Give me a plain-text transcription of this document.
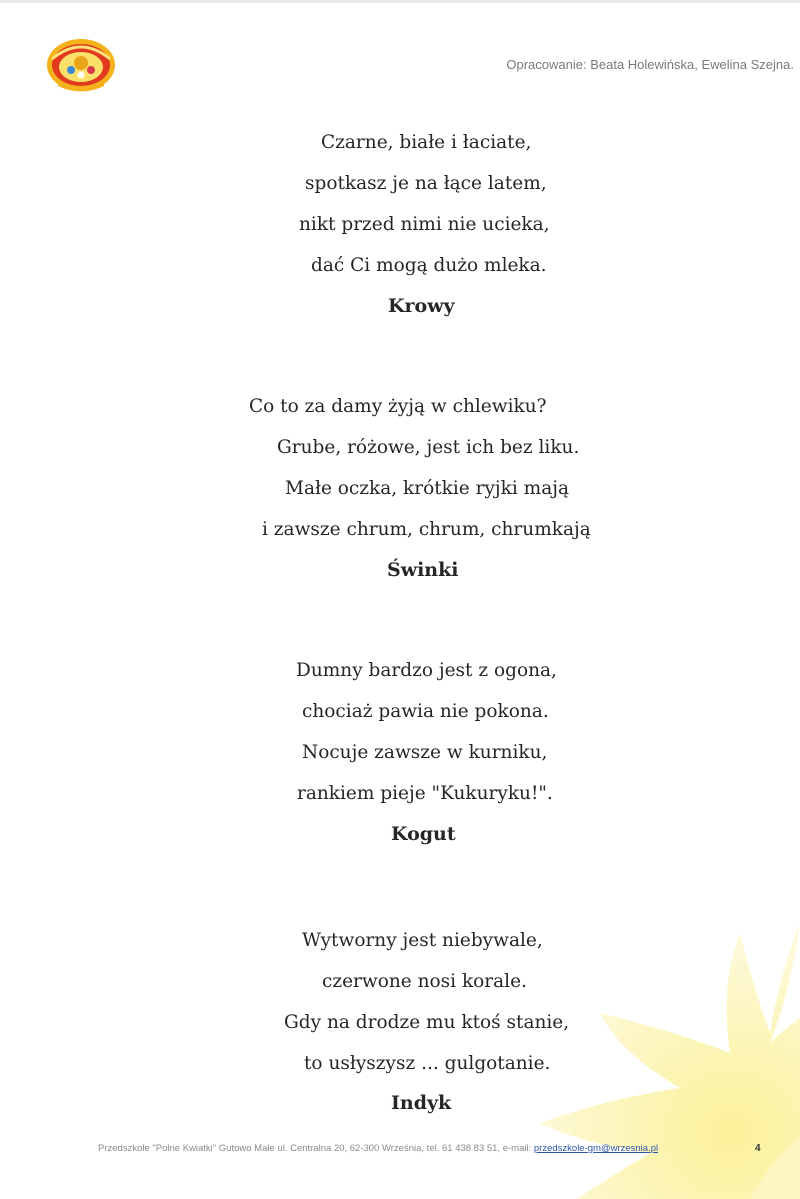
Opracowanie: Beata Holewińska, Ewelina Szejna.

Czarne, białe i łaciate,

spotkasz je na łące latem,

nikt przed nimi nie ucieka,

dać Ci mogą dużo mleka.

Krowy

Co to za damy żyją w chlewiku?

Grube, różowe, jest ich bez liku.

Małe oczka, krótkie ryjki mają

i zawsze chrum, chrum, chrumkają

Świnki

Dumny bardzo jest z ogona,

chociaż pawia nie pokona.

Nocuje zawsze w kurniku,

rankiem pieje "Kukuryku!".

Kogut

Wytworny jest niebywale,

czerwone nosi korale.

Gdy na drodze mu ktoś stanie,

to usłyszysz ... gulgotanie.

Indyk

Przedszkole "Polne Kwiatki" Gutowo Małe ul. Centralna 20, 62-300 Września, tel. 61 438 83 51, e-mail: przedszkole-gm@wrzesnia.pl	4
